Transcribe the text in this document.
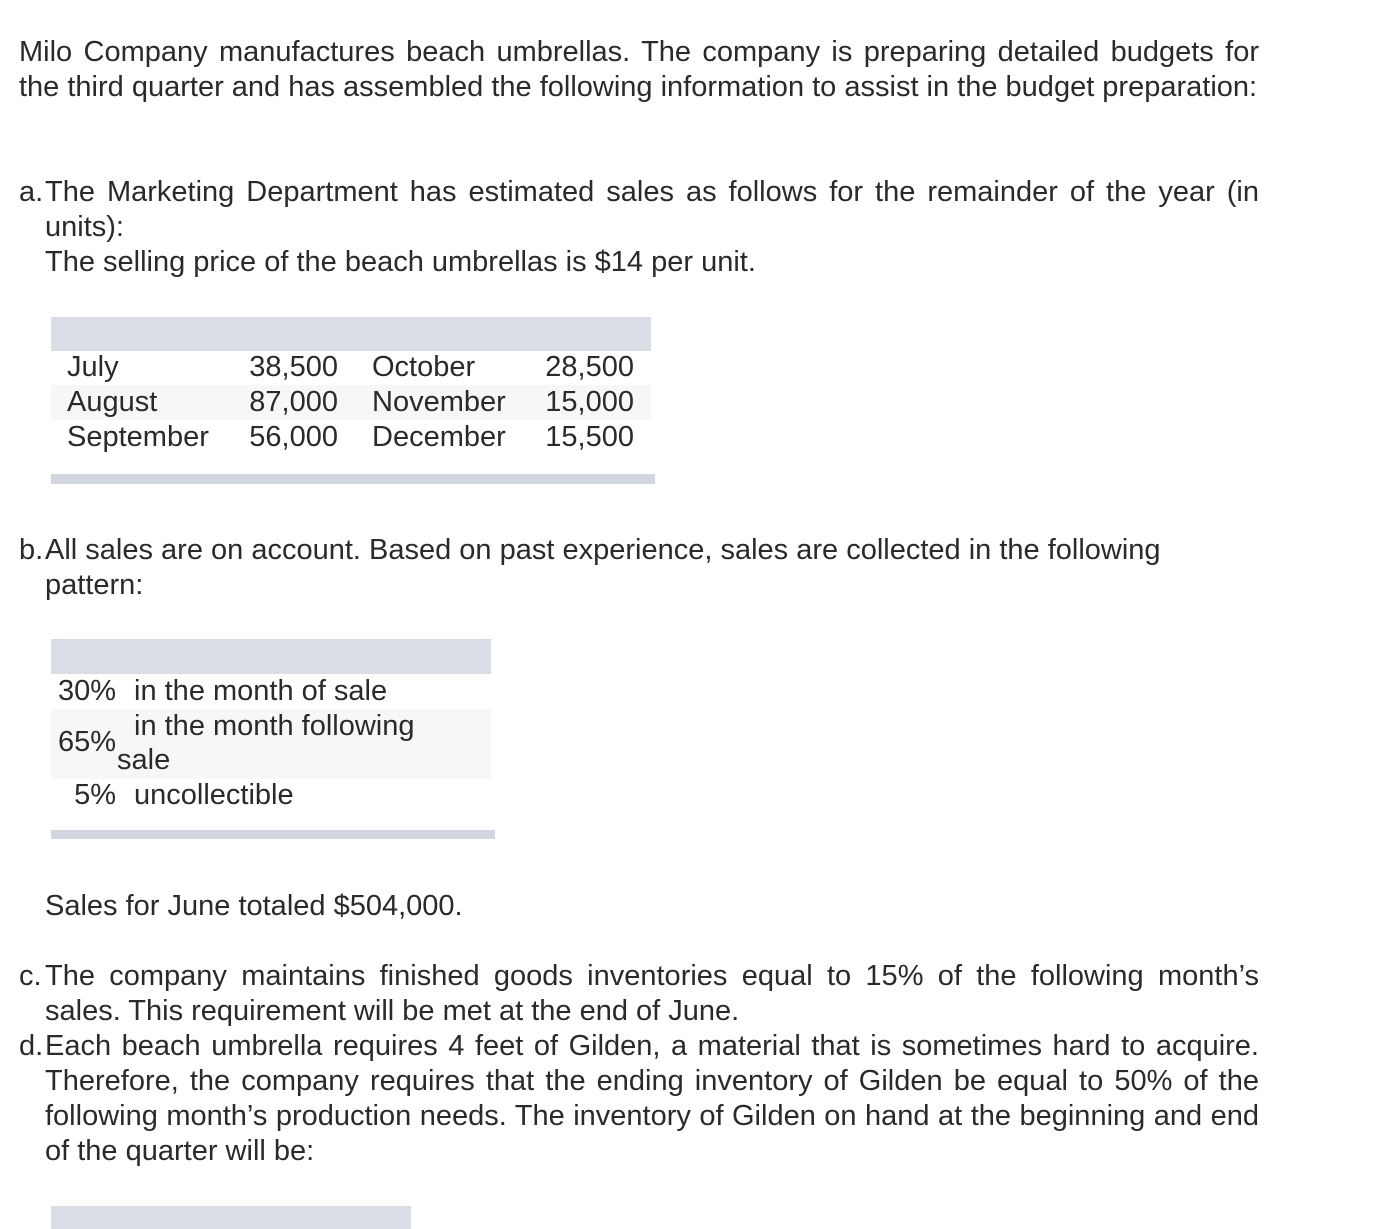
Milo Company manufactures beach umbrellas. The company is preparing detailed budgets for the third quarter and has assembled the following information to assist in the budget preparation:

a. The Marketing Department has estimated sales as follows for the remainder of the year (in units):
The selling price of the beach umbrellas is $14 per unit.
July	38,500 October	28,500
August	87,000 November	15,000
September	56,000 December	15,500
b. All sales are on account. Based on past experience, sales are collected in the following pattern:
30% in the month of sale
65% in the month following
sale
5% uncollectible
Sales for June totaled $504,000.
c. The company maintains finished goods inventories equal to 15% of the following month’s sales. This requirement will be met at the end of June.
d. Each beach umbrella requires 4 feet of Gilden, a material that is sometimes hard to acquire. Therefore, the company requires that the ending inventory of Gilden be equal to 50% of the following month’s production needs. The inventory of Gilden on hand at the beginning and end of the quarter will be:
